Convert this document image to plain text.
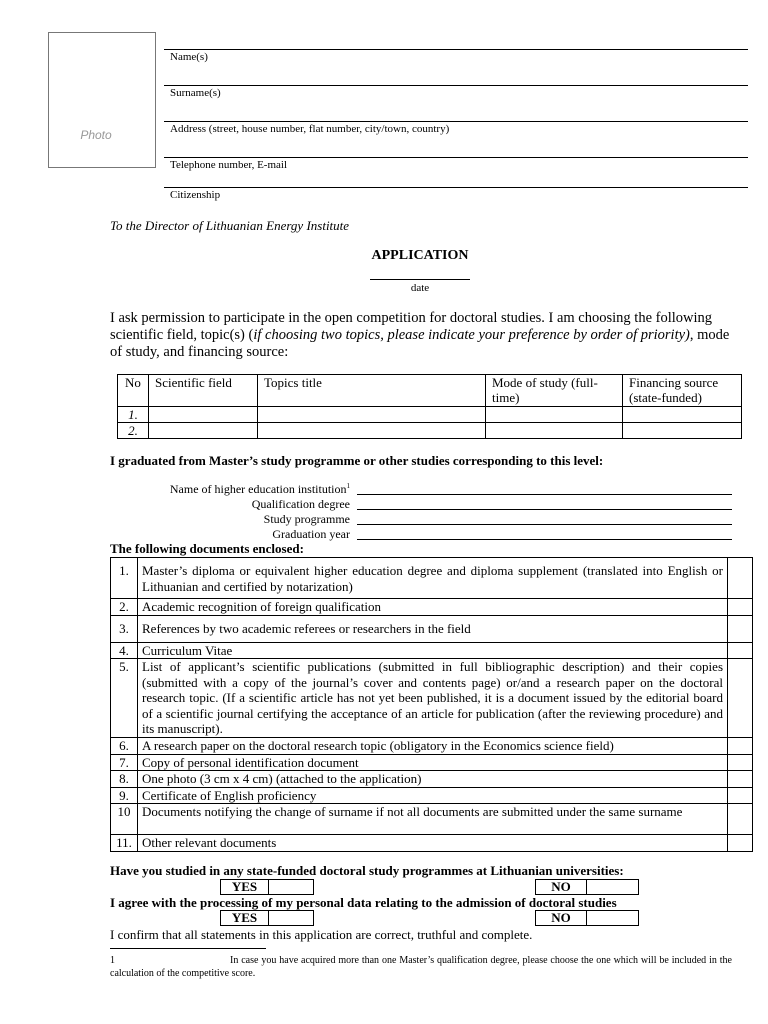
Photo
Name(s)
Surname(s)
Address (street, house number, flat number, city/town, country)
Telephone number, E-mail
Citizenship
To the Director of Lithuanian Energy Institute
APPLICATION
date
I ask permission to participate in the open competition for doctoral studies. I am choosing the following scientific field, topic(s) (if choosing two topics, please indicate your preference by order of priority), mode of study, and financing source:
No	Scientific field	Topics title	Mode of study (full-time)	Financing source (state-funded)
1.				
2.				
I graduated from Master’s study programme or other studies corresponding to this level:
Name of higher education institution$^1$
Qualification degree
Study programme
Graduation year
The following documents enclosed:
1.	Master’s diploma or equivalent higher education degree and diploma supplement (translated into English or Lithuanian and certified by notarization)	
2.	Academic recognition of foreign qualification	
3.	References by two academic referees or researchers in the field	
4.	Curriculum Vitae	
5.	List of applicant’s scientific publications (submitted in full bibliographic description) and their copies (submitted with a copy of the journal’s cover and contents page) or/and a research paper on the doctoral research topic. (If a scientific article has not yet been published, it is a document issued by the editorial board of a scientific journal certifying the acceptance of an article for publication (after the reviewing procedure) and its manuscript).	
6.	A research paper on the doctoral research topic (obligatory in the Economics science field)	
7.	Copy of personal identification document	
8.	One photo (3 cm x 4 cm) (attached to the application)	
9.	Certificate of English proficiency	
10	Documents notifying the change of surname if not all documents are submitted under the same surname	
11.	Other relevant documents	
Have you studied in any state-funded doctoral study programmes at Lithuanian universities:
YES		NO	
I agree with the processing of my personal data relating to the admission of doctoral studies
YES		NO	
I confirm that all statements in this application are correct, truthful and complete.
1	In case you have acquired more than one Master’s qualification degree, please choose the one which will be included in the calculation of the competitive score.
